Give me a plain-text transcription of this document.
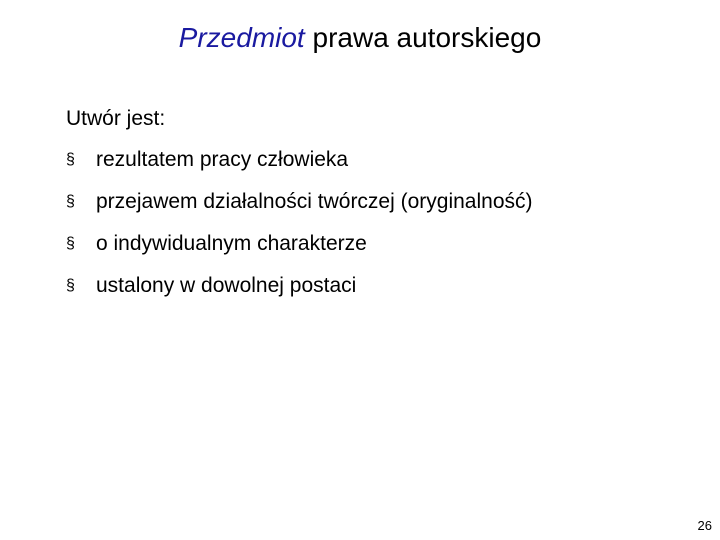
Przedmiot prawa autorskiego
Utwór jest:
§	rezultatem pracy człowieka
§	przejawem działalności twórczej (oryginalność)
§	o indywidualnym charakterze
§	ustalony w dowolnej postaci
26
